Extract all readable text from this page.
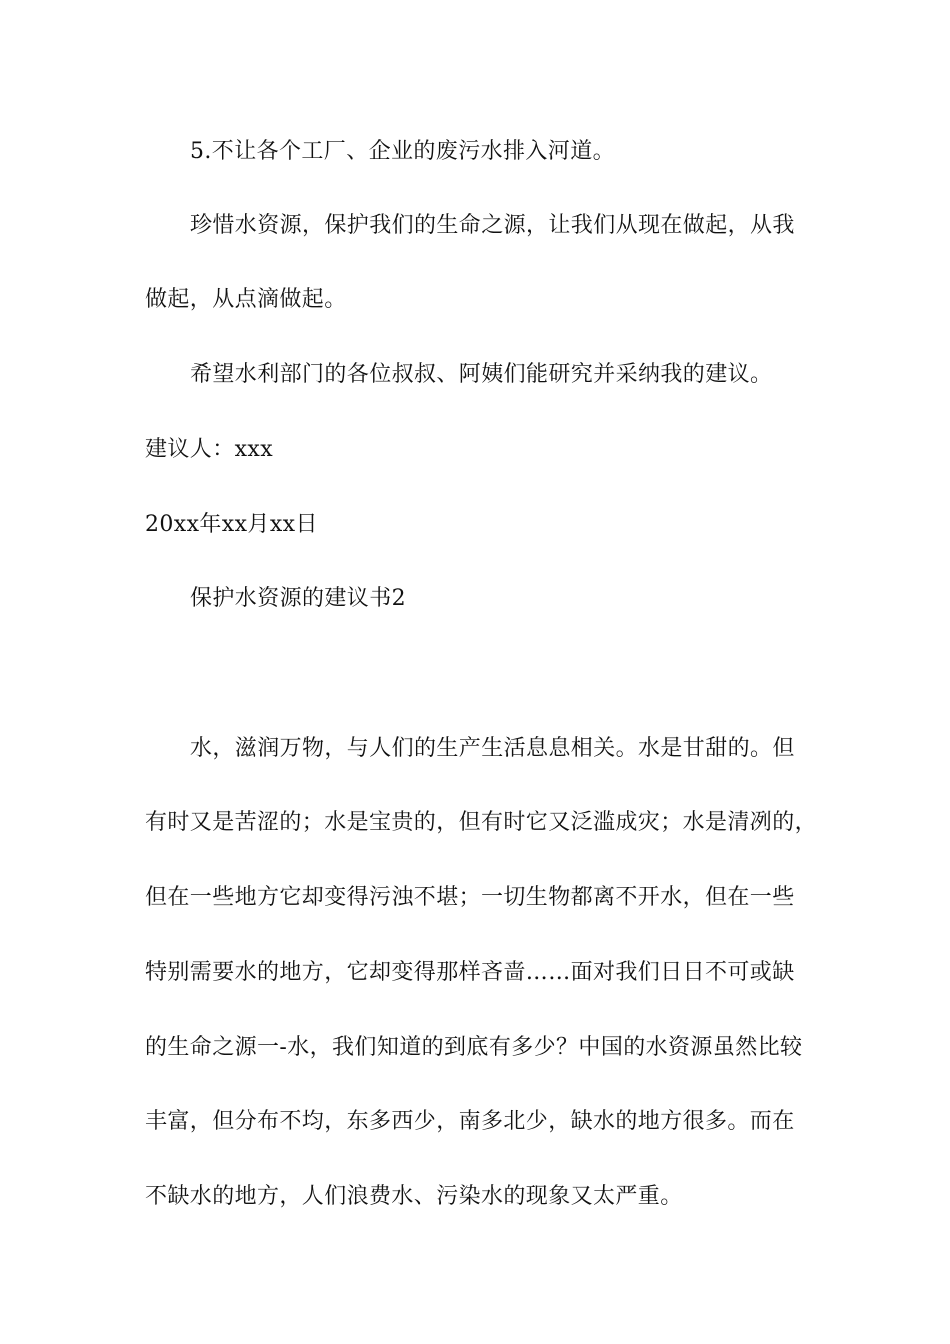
5.不让各个工厂、企业的废污水排入河道。
珍惜水资源，保护我们的生命之源，让我们从现在做起，从我
做起，从点滴做起。
希望水利部门的各位叔叔、阿姨们能研究并采纳我的建议。
建议人：xxx
20xx年xx月xx日
保护水资源的建议书2
水，滋润万物，与人们的生产生活息息相关。水是甘甜的。但
有时又是苦涩的；水是宝贵的，但有时它又泛滥成灾；水是清冽的，
但在一些地方它却变得污浊不堪；一切生物都离不开水，但在一些
特别需要水的地方，它却变得那样吝啬……面对我们日日不可或缺
的生命之源一-水，我们知道的到底有多少？中国的水资源虽然比较
丰富，但分布不均，东多西少，南多北少，缺水的地方很多。而在
不缺水的地方，人们浪费水、污染水的现象又太严重。
